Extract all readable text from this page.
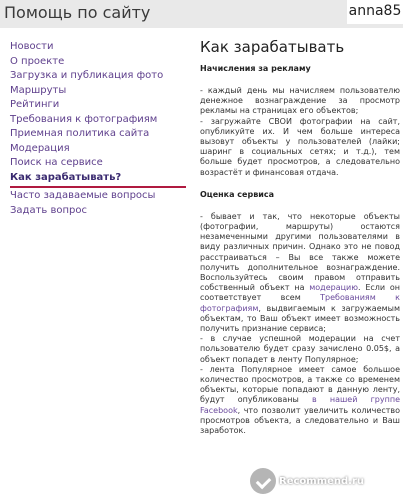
Помощь по сайту	anna85
Новости
О проекте
Загрузка и публикация фото
Маршруты
Рейтинги
Требования к фотографиям
Приемная политика сайта
Модерация
Поиск на сервисе
Как зарабатывать?
Часто задаваемые вопросы
Задать вопрос
Как зарабатывать
Начисления за рекламу

- каждый день мы начисляем пользователю денежное вознаграждение за просмотр рекламы на страницах его объектов;

- загружайте СВОИ фотографии на сайт, опубликуйте их. И чем больше интереса вызовут объекты у пользователей (лайки; шаринг в социальных сетях; и т.д.), тем больше будет просмотров, а следовательно возрастёт и финансовая отдача.

Оценка сервиса

- бывает и так, что некоторые объекты (фотографии, маршруты) остаются незамеченными другими пользователями в виду различных причин. Однако это не повод расстраиваться – Вы все также можете получить дополнительное вознаграждение. Воспользуйтесь своим правом отправить собственный объект на модерацию. Если он соответствует всем Требованиям к фотографиям, выдвигаемым к загружаемым объектам, то Ваш объект имеет возможность получить признание сервиса;

- в случае успешной модерации на счет пользователю будет сразу зачислено 0.05$, а объект попадет в ленту Популярное;

- лента Популярное имеет самое большое количество просмотров, а также со временем объекты, которые попадают в данную ленту, будут опубликованы в нашей группе Facebook, что позволит увеличить количество просмотров объекта, а следовательно и Ваш заработок.

Recommend.ru
